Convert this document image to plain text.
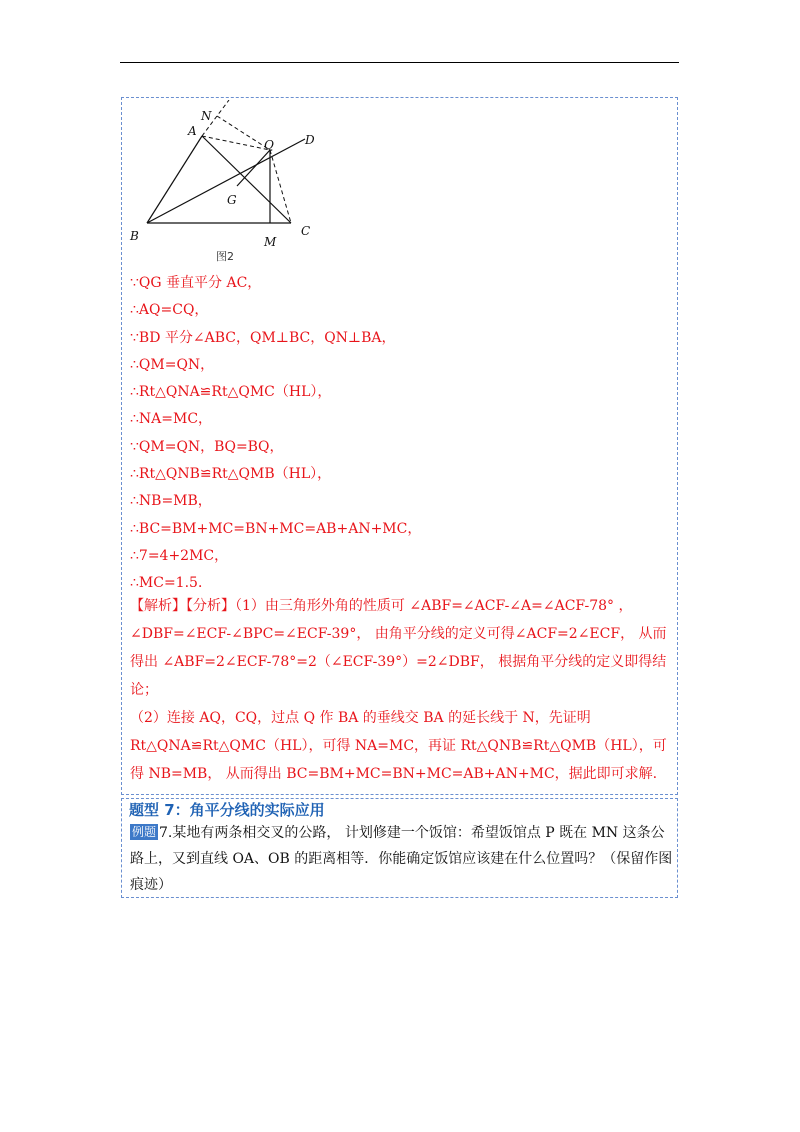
N
A
Q	D
G
B	M
C
图2
∵QG 垂直平分 AC，
∴AQ=CQ，
∵BD 平分∠ABC，QM⊥BC，QN⊥BA，
∴QM=QN，
∴Rt△QNA≌Rt△QMC（HL），
∴NA=MC，
∵QM=QN，BQ=BQ，
∴Rt△QNB≌Rt△QMB（HL），
∴NB=MB，
∴BC=BM+MC=BN+MC=AB+AN+MC，
∴7=4+2MC，
∴MC=1.5．

【解析】【分析】（1）由三角形外角的性质可 ∠ABF=∠ACF-∠A=∠ACF-78° ， ∠DBF=∠ECF-∠BPC=∠ECF-39°， 由角平分线的定义可得∠ACF=2∠ECF， 从而得出 ∠ABF=2∠ECF-78°=2（∠ECF-39°）=2∠DBF， 根据角平分线的定义即得结论；

（2）连接 AQ，CQ，过点 Q 作 BA 的垂线交 BA 的延长线于 N，先证明 Rt△QNA≌Rt△QMC（HL），可得 NA=MC，再证 Rt△QNB≌Rt△QMB（HL），可得 NB=MB， 从而得出 BC=BM+MC=BN+MC=AB+AN+MC，据此即可求解.

题型 7：角平分线的实际应用

例题 7.某地有两条相交叉的公路， 计划修建一个饭馆：希望饭馆点 P 既在 MN 这条公路上，又到直线 OA、OB 的距离相等．你能确定饭馆应该建在什么位置吗？（保留作图痕迹）
